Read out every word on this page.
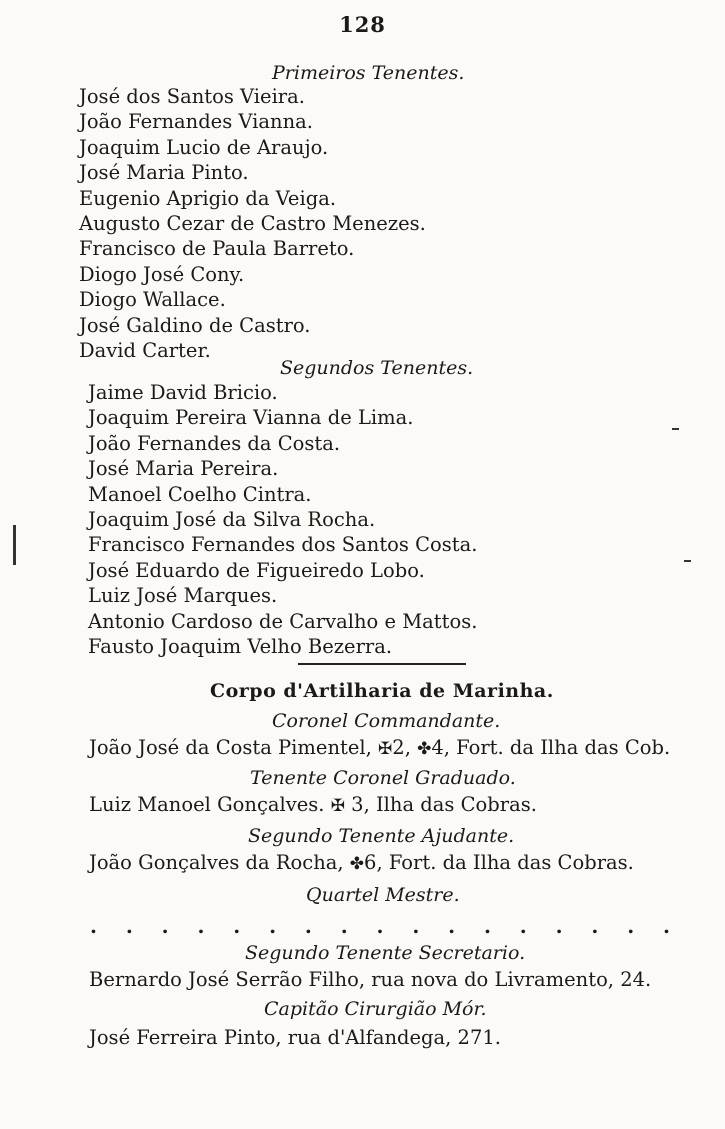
128
Primeiros Tenentes.
José dos Santos Vieira.
João Fernandes Vianna.
Joaquim Lucio de Araujo.
José Maria Pinto.
Eugenio Aprigio da Veiga.
Augusto Cezar de Castro Menezes.
Francisco de Paula Barreto.
Diogo José Cony.
Diogo Wallace.
José Galdino de Castro.
David Carter.
Segundos Tenentes.
Jaime David Bricio.
Joaquim Pereira Vianna de Lima.
João Fernandes da Costa.
José Maria Pereira.
Manoel Coelho Cintra.
Joaquim José da Silva Rocha.
Francisco Fernandes dos Santos Costa.
José Eduardo de Figueiredo Lobo.
Luiz José Marques.
Antonio Cardoso de Carvalho e Mattos.
Fausto Joaquim Velho Bezerra.
Corpo d'Artilharia de Marinha.
Coronel Commandante.
João José da Costa Pimentel, ✠2, ✤4, Fort. da Ilha das Cob.
Tenente Coronel Graduado.
Luiz Manoel Gonçalves. ✠ 3, Ilha das Cobras.
Segundo Tenente Ajudante.
João Gonçalves da Rocha, ✤6, Fort. da Ilha das Cobras.
Quartel Mestre.
. . . . . . . . . . . . . . . . .
Segundo Tenente Secretario.
Bernardo José Serrão Filho, rua nova do Livramento, 24.
Capitão Cirurgião Mór.
José Ferreira Pinto, rua d'Alfandega, 271.
